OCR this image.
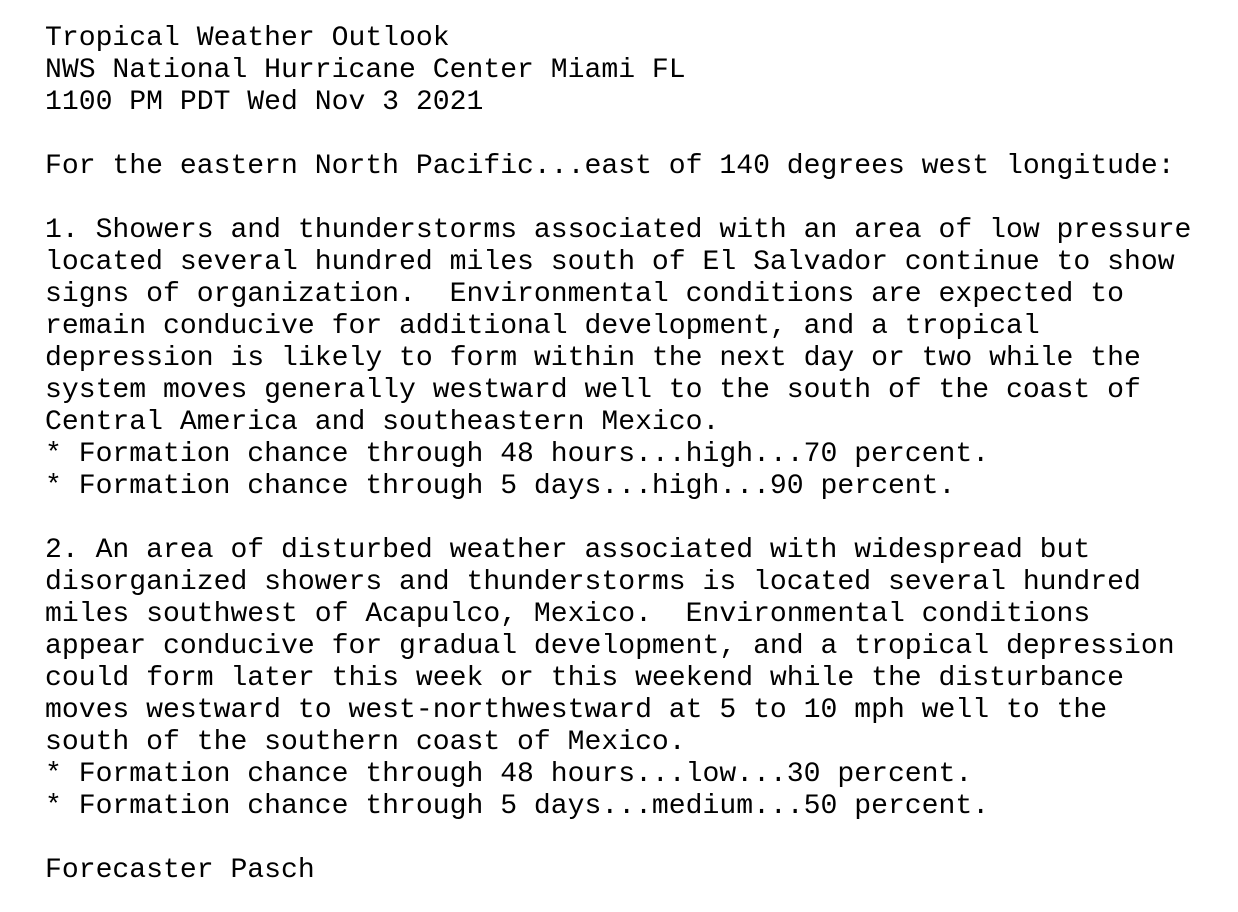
Tropical Weather Outlook
NWS National Hurricane Center Miami FL
1100 PM PDT Wed Nov 3 2021
For the eastern North Pacific...east of 140 degrees west longitude:
1. Showers and thunderstorms associated with an area of low pressure
located several hundred miles south of El Salvador continue to show
signs of organization.  Environmental conditions are expected to
remain conducive for additional development, and a tropical
depression is likely to form within the next day or two while the
system moves generally westward well to the south of the coast of
Central America and southeastern Mexico.
* Formation chance through 48 hours...high...70 percent.
* Formation chance through 5 days...high...90 percent.
2. An area of disturbed weather associated with widespread but
disorganized showers and thunderstorms is located several hundred
miles southwest of Acapulco, Mexico.  Environmental conditions
appear conducive for gradual development, and a tropical depression
could form later this week or this weekend while the disturbance
moves westward to west-northwestward at 5 to 10 mph well to the
south of the southern coast of Mexico.
* Formation chance through 48 hours...low...30 percent.
* Formation chance through 5 days...medium...50 percent.
Forecaster Pasch
